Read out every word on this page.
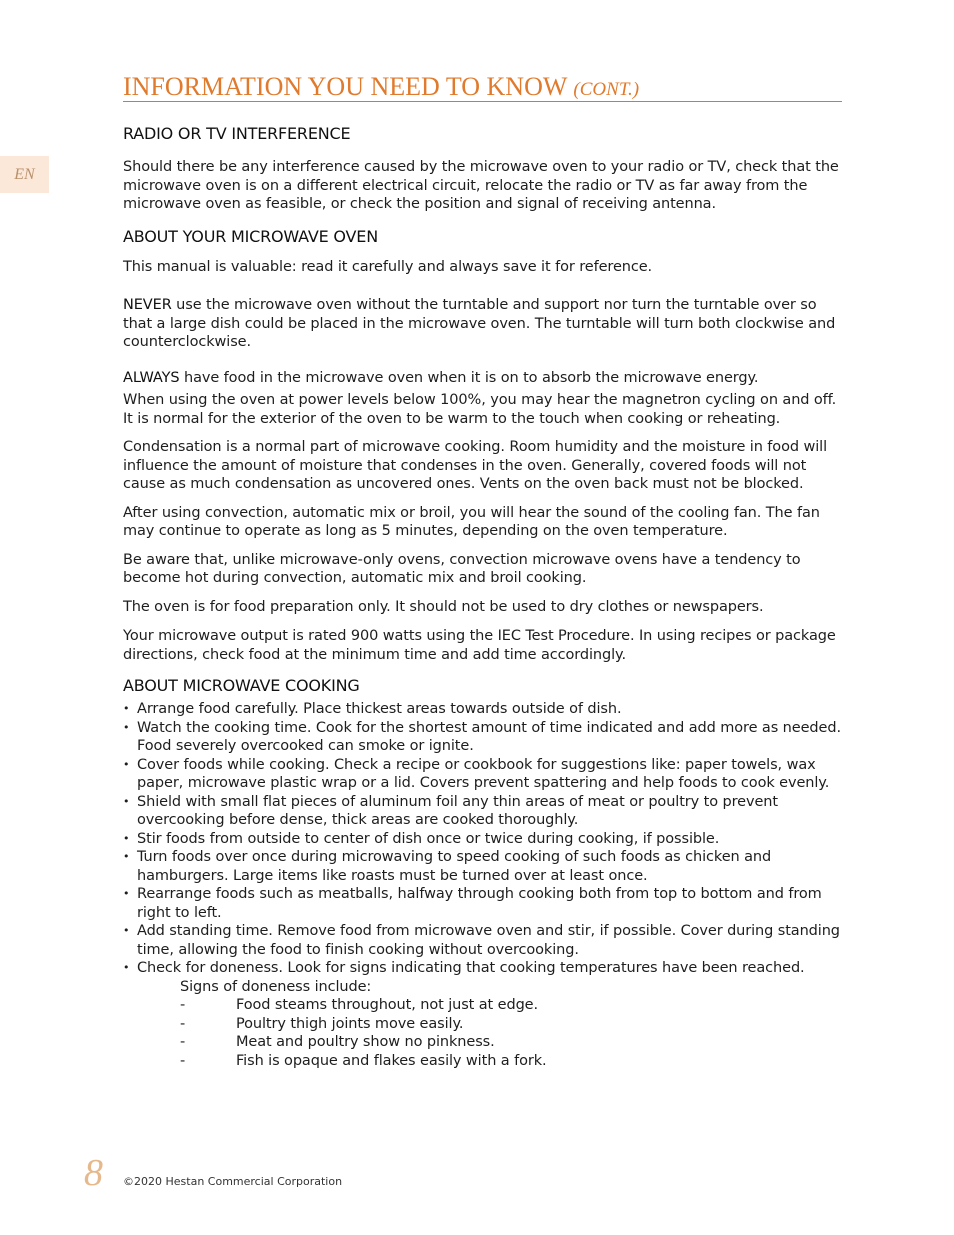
INFORMATION YOU NEED TO KNOW (CONT.)
EN
RADIO OR TV INTERFERENCE

Should there be any interference caused by the microwave oven to your radio or TV, check that the microwave oven is on a different electrical circuit, relocate the radio or TV as far away from the microwave oven as feasible, or check the position and signal of receiving antenna.

ABOUT YOUR MICROWAVE OVEN

This manual is valuable: read it carefully and always save it for reference.

NEVER use the microwave oven without the turntable and support nor turn the turntable over so that a large dish could be placed in the microwave oven. The turntable will turn both clockwise and counterclockwise.

ALWAYS have food in the microwave oven when it is on to absorb the microwave energy.

When using the oven at power levels below 100%, you may hear the magnetron cycling on and off. It is normal for the exterior of the oven to be warm to the touch when cooking or reheating.

Condensation is a normal part of microwave cooking. Room humidity and the moisture in food will influence the amount of moisture that condenses in the oven. Generally, covered foods will not cause as much condensation as uncovered ones. Vents on the oven back must not be blocked.

After using convection, automatic mix or broil, you will hear the sound of the cooling fan. The fan may continue to operate as long as 5 minutes, depending on the oven temperature.

Be aware that, unlike microwave-only ovens, convection microwave ovens have a tendency to become hot during convection, automatic mix and broil cooking.

The oven is for food preparation only. It should not be used to dry clothes or newspapers.

Your microwave output is rated 900 watts using the IEC Test Procedure. In using recipes or package directions, check food at the minimum time and add time accordingly.

ABOUT MICROWAVE COOKING
• Arrange food carefully. Place thickest areas towards outside of dish.
• Watch the cooking time. Cook for the shortest amount of time indicated and add more as needed. Food severely overcooked can smoke or ignite.
• Cover foods while cooking. Check a recipe or cookbook for suggestions like: paper towels, wax paper, microwave plastic wrap or a lid. Covers prevent spattering and help foods to cook evenly.
• Shield with small flat pieces of aluminum foil any thin areas of meat or poultry to prevent overcooking before dense, thick areas are cooked thoroughly.
• Stir foods from outside to center of dish once or twice during cooking, if possible.
• Turn foods over once during microwaving to speed cooking of such foods as chicken and hamburgers. Large items like roasts must be turned over at least once.
• Rearrange foods such as meatballs, halfway through cooking both from top to bottom and from right to left.
• Add standing time. Remove food from microwave oven and stir, if possible. Cover during standing time, allowing the food to finish cooking without overcooking.
• Check for doneness. Look for signs indicating that cooking temperatures have been reached.
Signs of doneness include:
-	Food steams throughout, not just at edge.
-	Poultry thigh joints move easily.
-	Meat and poultry show no pinkness.
-	Fish is opaque and flakes easily with a fork.
8 ©2020 Hestan Commercial Corporation
